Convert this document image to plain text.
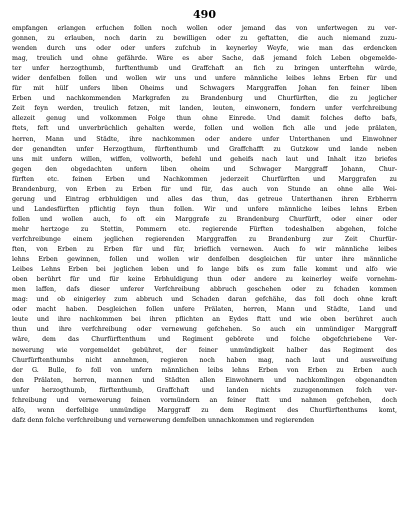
490
empfangen erlangen erfuchen follen noch wollen oder jemand das von unfertwegen zu ver-
gonnen, zu erlauben, noch darin zu bewilligen oder zu geftatten, die auch niemand zuzu-
wenden durch uns oder oder unfers zufchub in keynerley Weyfe, wie man das erdencken
mag, treulich und ohne gefährde. Wäre es aber Sache, daß jemand folch Leben obgemelde-
ter unfer herzogthumb, furftenthumb und Graffchaft an fich zu bringen unterftehn würde,
wider denfelben follen und wollen wir uns und unfere männliche leibes lehns Erben für und
für mit hülf unfers liben Oheims und Schwagers Marggraffen Johan fen feiner liben
Erben und nachkommenden Markgrafen zu Brandenburg und Churfürften, die zu jeglicher
Zeit feyn werden, treulich fetzen, mit landen, leuten, einwonern, fondern unfer verfchreibung
allezeit genug und volkommen Folge thun ohne Einrede. Und damit folches defto bafs,
ftets, feft und unverbrüchlich gehalten werde, follen und wollen fich alle und jede prälaten,
herren, Mann und Städte, ihre nachkommen oder andere unfer Unterthanen und Einwohner
der genandten unfer Herzogthum, fürftenthumb und Graffchafft zu Gutzkow und lande neben
uns mit unfern willen, wiffen, vollworth, befehl und geheifs nach laut und Inhalt itzo briefes
gegen den obgedachten unfern liben oheim und Schwager Marggraff Johann, Chur-
fürften etc. feinen Erben und Nachkommen jederzeit Churfürften und Marggrafen zu
Brandenburg, von Erben zu Erben für und für, das auch von Stunde an ohne alle Wei-
gerung und Eintrag erbhuldigen und alles das thun, das getreue Unterthanen ihren Erbherrn
und Landesfürften pflichtig feyn thun follen. Wir und unfere männliche leibes lehns Erben
follen und wollen auch, fo oft ein Marggrafe zu Brandenburg Churfürft, oder einer oder
mehr hertzoge zu Stettin, Pommern etc. regierende Fürften todeshalben abgehen, folche
verfchreibunge einem jeglichen regierenden Marggraffen zu Brandenburg zur Zeit Churfür-
ften, von Erben zu Erben für und für, brieflich vernewen. Auch fo wir männliche leibes
lehns Erben gewinnen, follen und wollen wir denfelben desgleichen für unter ihre männliche
Leibes Lehns Erben bei jeglichen leben und fo lange bifs es zum falle kommt und alfo wie
oben berührt für und für keine Erbhuldigung thun oder andere zu keinerley weife vornehm-
men laffen, dafs dieser unferer Verfchreibung abbruch geschehen oder zu fchaden kommen
mag: und ob einigerley zum abbruch und Schaden daran gefchähe, das foll doch ohne kraft
oder macht haben. Desgleichen follen unfere Prälaten, herren, Mann und Städte, Land und
leute und ihre nachkommen bei ihren pflichten an Eydes ftatt und wie oben berühret auch
thun und ihre verfchreibung oder vernewung gefchehen. So auch ein unmündiger Marggraff
wäre, dem das Churfürftenthum und Regiment gebörete und folche obgefchriebene Ver-
newerung wie vorgemeldet gebühret, der feiner unmündigkeit halber das Regiment des
Churfürftenthumbs nicht annehmen, regieren noch haben mag, nach laut und ausweifung
der G. Bulle, fo foll von unfern männlichen leibs lehns Erben von Erben zu Erben auch
den Prälaten, herren, mannen und Städten allen Einwohnern und nachkomlingen obgenandten
unfer herzogthumb, fürftenthumb, Graffchaft und landen nichts zuzugenommen folch ver-
fchreibung und vernewerung feinen vormündern an feiner ftatt und nahmen gefchehen, doch
alfo, wenn derfelbige unmündige Marggraff zu dem Regiment des Churfürftenthums komt,
dafz denn folche verfchreibung und vernewerung demfelben unnachkommen und regierenden
